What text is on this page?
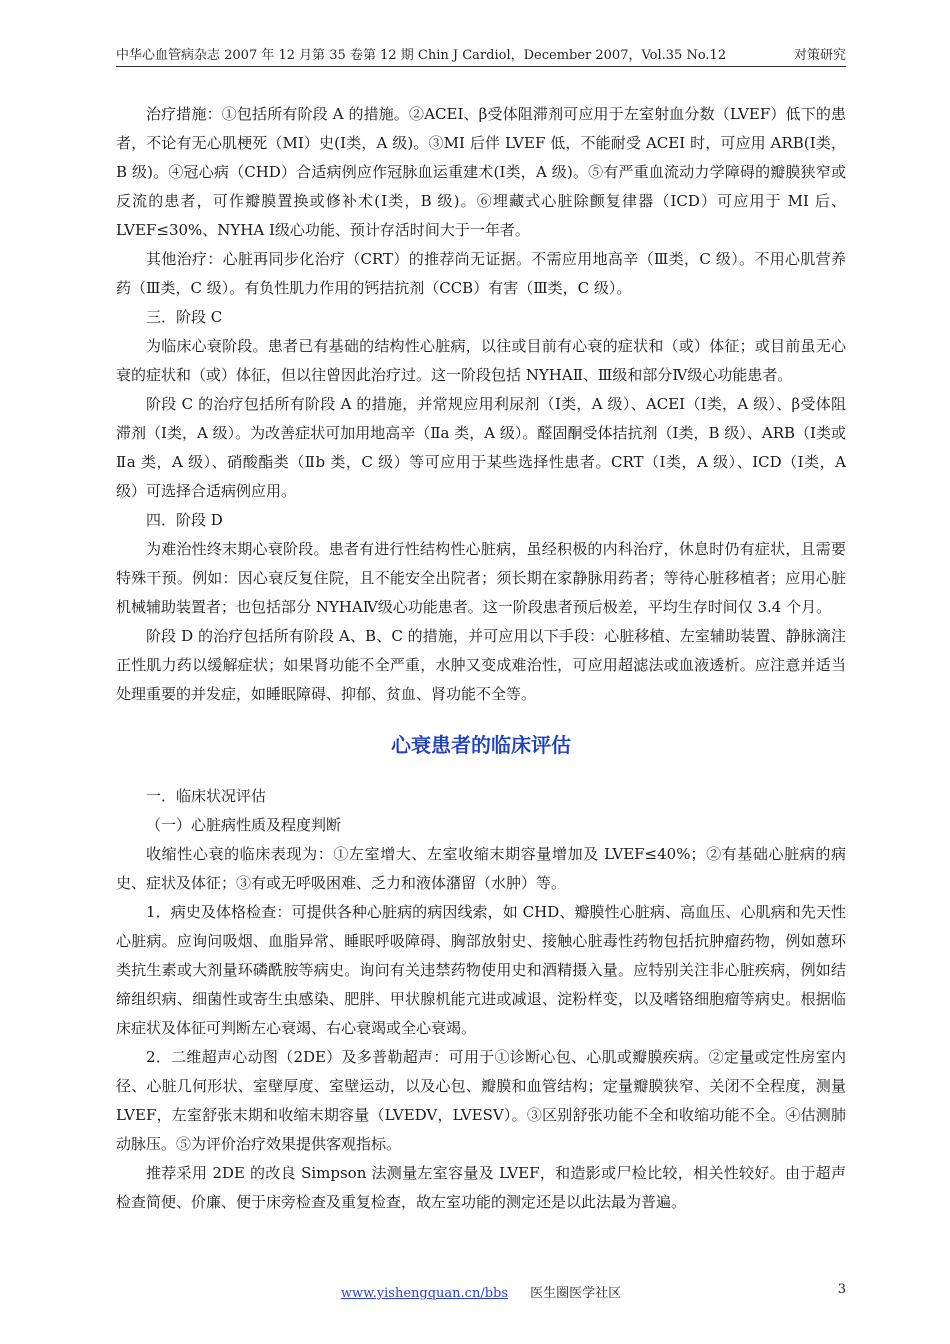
中华心血管病杂志 2007 年 12 月第 35 卷第 12 期 Chin J Cardiol，December 2007，Vol.35 No.12	对策研究

治疗措施：①包括所有阶段 A 的措施。②ACEI、β受体阻滞剂可应用于左室射血分数（LVEF）低下的患者，不论有无心肌梗死（MI）史(Ⅰ类，A 级)。③MI 后伴 LVEF 低，不能耐受 ACEI 时，可应用 ARB(Ⅰ类，B 级)。④冠心病（CHD）合适病例应作冠脉血运重建术(Ⅰ类，A 级)。⑤有严重血流动力学障碍的瓣膜狭窄或反流的患者，可作瓣膜置换或修补术(Ⅰ类，B 级)。⑥埋藏式心脏除颤复律器（ICD）可应用于 MI 后、LVEF≤30%、NYHA Ⅰ级心功能、预计存活时间大于一年者。

其他治疗：心脏再同步化治疗（CRT）的推荐尚无证据。不需应用地高辛（Ⅲ类，C 级）。不用心肌营养药（Ⅲ类，C 级）。有负性肌力作用的钙拮抗剂（CCB）有害（Ⅲ类，C 级）。

三．阶段 C

为临床心衰阶段。患者已有基础的结构性心脏病，以往或目前有心衰的症状和（或）体征；或目前虽无心衰的症状和（或）体征，但以往曾因此治疗过。这一阶段包括 NYHAⅡ、Ⅲ级和部分Ⅳ级心功能患者。

阶段 C 的治疗包括所有阶段 A 的措施，并常规应用利尿剂（Ⅰ类，A 级）、ACEI（Ⅰ类，A 级）、β受体阻滞剂（Ⅰ类，A 级）。为改善症状可加用地高辛（Ⅱa 类，A 级）。醛固酮受体拮抗剂（Ⅰ类，B 级）、ARB（Ⅰ类或Ⅱa 类，A 级）、硝酸酯类（Ⅱb 类，C 级）等可应用于某些选择性患者。CRT（Ⅰ类，A 级）、ICD（Ⅰ类，A 级）可选择合适病例应用。

四．阶段 D

为难治性终末期心衰阶段。患者有进行性结构性心脏病，虽经积极的内科治疗，休息时仍有症状，且需要特殊干预。例如：因心衰反复住院，且不能安全出院者；须长期在家静脉用药者；等待心脏移植者；应用心脏机械辅助装置者；也包括部分 NYHAⅣ级心功能患者。这一阶段患者预后极差，平均生存时间仅 3.4 个月。

阶段 D 的治疗包括所有阶段 A、B、C 的措施，并可应用以下手段：心脏移植、左室辅助装置、静脉滴注正性肌力药以缓解症状；如果肾功能不全严重，水肿又变成难治性，可应用超滤法或血液透析。应注意并适当处理重要的并发症，如睡眠障碍、抑郁、贫血、肾功能不全等。

心衰患者的临床评估

一．临床状况评估

（一）心脏病性质及程度判断

收缩性心衰的临床表现为：①左室增大、左室收缩末期容量增加及 LVEF≤40%；②有基础心脏病的病史、症状及体征；③有或无呼吸困难、乏力和液体潴留（水肿）等。

1．病史及体格检查：可提供各种心脏病的病因线索，如 CHD、瓣膜性心脏病、高血压、心肌病和先天性心脏病。应询问吸烟、血脂异常、睡眠呼吸障碍、胸部放射史、接触心脏毒性药物包括抗肿瘤药物，例如蒽环类抗生素或大剂量环磷酰胺等病史。询问有关违禁药物使用史和酒精摄入量。应特别关注非心脏疾病，例如结缔组织病、细菌性或寄生虫感染、肥胖、甲状腺机能亢进或减退、淀粉样变，以及嗜铬细胞瘤等病史。根据临床症状及体征可判断左心衰竭、右心衰竭或全心衰竭。

2．二维超声心动图（2DE）及多普勒超声：可用于①诊断心包、心肌或瓣膜疾病。②定量或定性房室内径、心脏几何形状、室壁厚度、室壁运动，以及心包、瓣膜和血管结构；定量瓣膜狭窄、关闭不全程度，测量 LVEF，左室舒张末期和收缩末期容量（LVEDV，LVESV）。③区别舒张功能不全和收缩功能不全。④估测肺动脉压。⑤为评价治疗效果提供客观指标。

推荐采用 2DE 的改良 Simpson 法测量左室容量及 LVEF，和造影或尸检比较，相关性较好。由于超声检查简便、价廉、便于床旁检查及重复检查，故左室功能的测定还是以此法最为普遍。

www.yishengquan.cn/bbs 医生圈医学社区	3
